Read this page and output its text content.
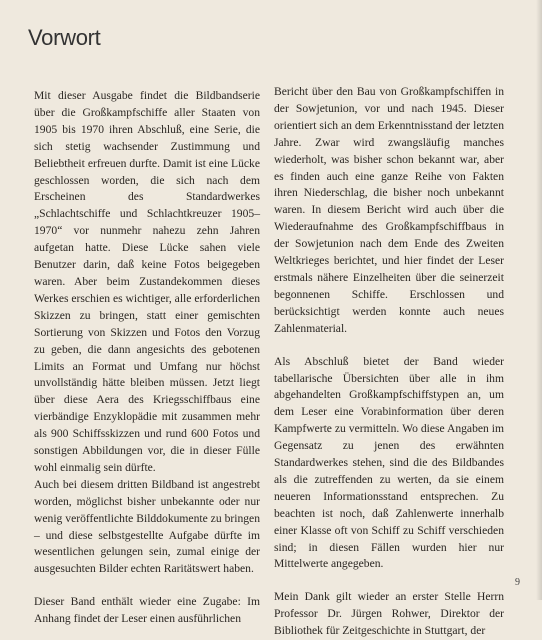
Vorwort

Mit dieser Ausgabe findet die Bildbandserie über die Großkampfschiffe aller Staaten von 1905 bis 1970 ihren Abschluß, eine Serie, die sich stetig wachsender Zustimmung und Beliebtheit erfreuen durfte. Damit ist eine Lücke geschlossen worden, die sich nach dem Erscheinen des Standardwerkes „Schlachtschiffe und Schlachtkreuzer 1905–1970“ vor nunmehr nahezu zehn Jahren aufgetan hatte. Diese Lücke sahen viele Benutzer darin, daß keine Fotos beigegeben waren. Aber beim Zustandekommen dieses Werkes erschien es wichtiger, alle erforderlichen Skizzen zu bringen, statt einer gemischten Sortierung von Skizzen und Fotos den Vorzug zu geben, die dann angesichts des gebotenen Limits an Format und Umfang nur höchst unvollständig hätte bleiben müssen. Jetzt liegt über diese Aera des Kriegsschiffbaus eine vierbändige Enzyklopädie mit zusammen mehr als 900 Schiffsskizzen und rund 600 Fotos und sonstigen Abbildungen vor, die in dieser Fülle wohl einmalig sein dürfte.

Auch bei diesem dritten Bildband ist angestrebt worden, möglichst bisher unbekannte oder nur wenig veröffentlichte Bilddokumente zu bringen – und diese selbstgestellte Aufgabe dürfte im wesentlichen gelungen sein, zumal einige der ausgesuchten Bilder echten Raritätswert haben.

Dieser Band enthält wieder eine Zugabe: Im Anhang findet der Leser einen ausführlichen

Bericht über den Bau von Großkampfschiffen in der Sowjetunion, vor und nach 1945. Dieser orientiert sich an dem Erkenntnisstand der letzten Jahre. Zwar wird zwangsläufig manches wiederholt, was bisher schon bekannt war, aber es finden auch eine ganze Reihe von Fakten ihren Niederschlag, die bisher noch unbekannt waren. In diesem Bericht wird auch über die Wiederaufnahme des Großkampfschiffbaus in der Sowjetunion nach dem Ende des Zweiten Weltkrieges berichtet, und hier findet der Leser erstmals nähere Einzelheiten über die seinerzeit begonnenen Schiffe. Erschlossen und berücksichtigt werden konnte auch neues Zahlenmaterial.

Als Abschluß bietet der Band wieder tabellarische Übersichten über alle in ihm abgehandelten Großkampfschiffstypen an, um dem Leser eine Vorabinformation über deren Kampfwerte zu vermitteln. Wo diese Angaben im Gegensatz zu jenen des erwähnten Standardwerkes stehen, sind die des Bildbandes als die zutreffenden zu werten, da sie einem neueren Informationsstand entsprechen. Zu beachten ist noch, daß Zahlenwerte innerhalb einer Klasse oft von Schiff zu Schiff verschieden sind; in diesen Fällen wurden hier nur Mittelwerte angegeben.

Mein Dank gilt wieder an erster Stelle Herrn Professor Dr. Jürgen Rohwer, Direktor der Bibliothek für Zeitgeschichte in Stuttgart, der

9
